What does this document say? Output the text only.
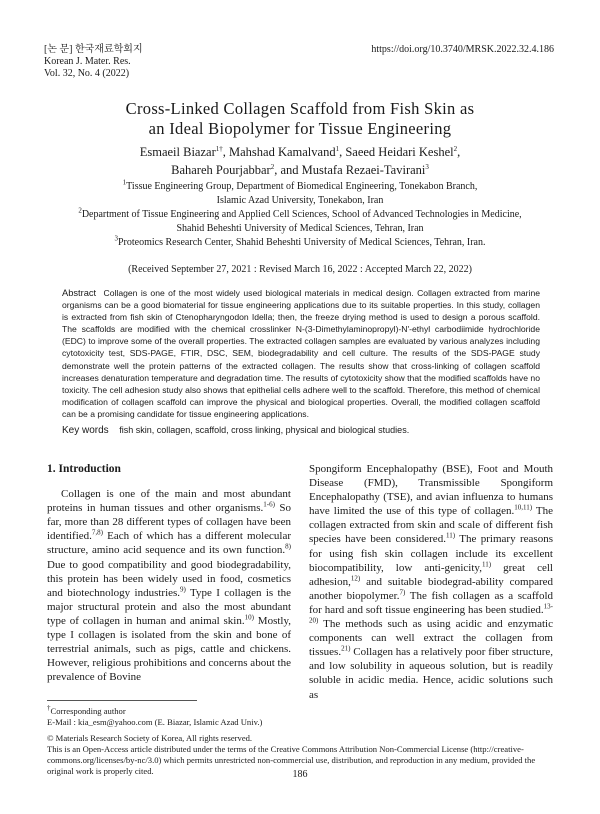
[논 문] 한국재료학회지
Korean J. Mater. Res.
Vol. 32, No. 4 (2022)
https://doi.org/10.3740/MRSK.2022.32.4.186
Cross-Linked Collagen Scaffold from Fish Skin as
an Ideal Biopolymer for Tissue Engineering
Esmaeil Biazar$^{1\dagger}$, Mahshad Kamalvand$^1$, Saeed Heidari Keshel$^2$,
Bahareh Pourjabbar$^2$, and Mustafa Rezaei-Tavirani$^3$
$^1$Tissue Engineering Group, Department of Biomedical Engineering, Tonekabon Branch,
Islamic Azad University, Tonekabon, Iran
$^2$Department of Tissue Engineering and Applied Cell Sciences, School of Advanced Technologies in Medicine,
Shahid Beheshti University of Medical Sciences, Tehran, Iran
$^3$Proteomics Research Center, Shahid Beheshti University of Medical Sciences, Tehran, Iran.
(Received September 27, 2021 : Revised March 16, 2022 : Accepted March 22, 2022)
Abstract Collagen is one of the most widely used biological materials in medical design. Collagen extracted from marine organisms can be a good biomaterial for tissue engineering applications due to its suitable properties. In this study, collagen is extracted from fish skin of Ctenopharyngodon Idella; then, the freeze drying method is used to design a porous scaffold. The scaffolds are modified with the chemical crosslinker N-(3-Dimethylaminopropyl)-N'-ethyl carbodiimide hydrochloride (EDC) to improve some of the overall properties. The extracted collagen samples are evaluated by various analyzes including cytotoxicity test, SDS-PAGE, FTIR, DSC, SEM, biodegradability and cell culture. The results of the SDS-PAGE study demonstrate well the protein patterns of the extracted collagen. The results show that cross-linking of collagen scaffold increases denaturation temperature and degradation time. The results of cytotoxicity show that the modified scaffolds have no toxicity. The cell adhesion study also shows that epithelial cells adhere well to the scaffold. Therefore, this method of chemical modification of collagen scaffold can improve the physical and biological properties. Overall, the modified collagen scaffold can be a promising candidate for tissue engineering applications.
Key words fish skin, collagen, scaffold, cross linking, physical and biological studies.
1. Introduction

Collagen is one of the main and most abundant proteins in human tissues and other organisms.$^{1-6)}$ So far, more than 28 different types of collagen have been identified.$^{7,8)}$ Each of which has a different molecular structure, amino acid sequence and its own function.$^{8)}$ Due to good compatibility and good biodegradability, this protein has been widely used in food, cosmetics and biotechnology industries.$^{9)}$ Type I collagen is the major structural protein and also the most abundant type of collagen in human and animal skin.$^{10)}$ Mostly, type I collagen is isolated from the skin and bone of terrestrial animals, such as pigs, cattle and chickens. However, religious prohibitions and concerns about the prevalence of Bovine

Spongiform Encephalopathy (BSE), Foot and Mouth Disease (FMD), Transmissible Spongiform Encephalopathy (TSE), and avian influenza to humans have limited the use of this type of collagen.$^{10,11)}$ The collagen extracted from skin and scale of different fish species have been considered.$^{11)}$ The primary reasons for using fish skin collagen include its excellent biocompatibility, low anti-genicity,$^{11)}$ great cell adhesion,$^{12)}$ and suitable biodegrad-ability compared another biopolymer.$^{7)}$ The fish collagen as a scaffold for hard and soft tissue engineering has been studied.$^{13-20)}$ The methods such as using acidic and enzymatic components can well extract the collagen from tissues.$^{21)}$ Collagen has a relatively poor fiber structure, and low solubility in aqueous solution, but is readily soluble in acidic media. Hence, acidic solutions such as

†Corresponding author
E-Mail : kia_esm@yahoo.com (E. Biazar, Islamic Azad Univ.)
© Materials Research Society of Korea, All rights reserved.
This is an Open-Access article distributed under the terms of the Creative Commons Attribution Non-Commercial License (http://creative-commons.org/licenses/by-nc/3.0) which permits unrestricted non-commercial use, distribution, and reproduction in any medium, provided the original work is properly cited.	186
